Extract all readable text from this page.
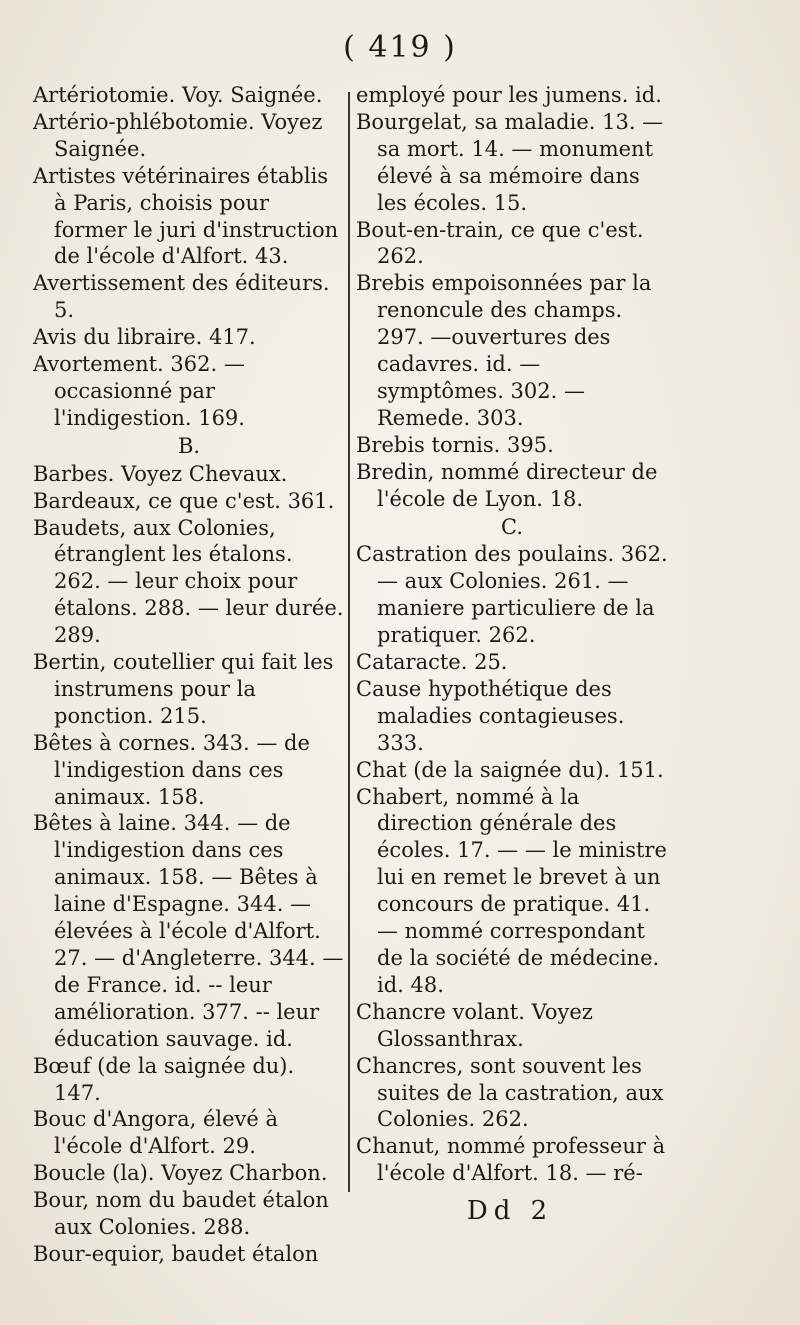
( 419 )
Artériotomie. Voy. Saignée.
Artério-phlébotomie. Voyez Saignée.
Artistes vétérinaires établis à Paris, choisis pour former le juri d'instruction de l'école d'Alfort. 43.
Avertissement des éditeurs. 5.
Avis du libraire. 417.
Avortement. 362. —occasionné par l'indigestion. 169.
B.
Barbes. Voyez Chevaux.
Bardeaux, ce que c'est. 361.
Baudets, aux Colonies, étranglent les étalons. 262. — leur choix pour étalons. 288. — leur durée. 289.
Bertin, coutellier qui fait les instrumens pour la ponction. 215.
Bêtes à cornes. 343. — de l'indigestion dans ces animaux. 158.
Bêtes à laine. 344. — de l'indigestion dans ces animaux. 158. — Bêtes à laine d'Espagne. 344. —élevées à l'école d'Alfort. 27. — d'Angleterre. 344. — de France. id. -- leur amélioration. 377. -- leur éducation sauvage. id.
Bœuf (de la saignée du). 147.
Bouc d'Angora, élevé à l'école d'Alfort. 29.
Boucle (la). Voyez Charbon.
Bour, nom du baudet étalon aux Colonies. 288.
Bour-equior, baudet étalon
employé pour les jumens. id.
Bourgelat, sa maladie. 13. — sa mort. 14. — monument élevé à sa mémoire dans les écoles. 15.
Bout-en-train, ce que c'est. 262.
Brebis empoisonnées par la renoncule des champs. 297. —ouvertures des cadavres. id. — symptômes. 302. — Remede. 303.
Brebis tornis. 395.
Bredin, nommé directeur de l'école de Lyon. 18.
C.
Castration des poulains. 362. — aux Colonies. 261. — maniere particuliere de la pratiquer. 262.
Cataracte. 25.
Cause hypothétique des maladies contagieuses. 333.
Chat (de la saignée du). 151.
Chabert, nommé à la direction générale des écoles. 17. — — le ministre lui en remet le brevet à un concours de pratique. 41. — nommé correspondant de la société de médecine. id. 48.
Chancre volant. Voyez Glossanthrax.
Chancres, sont souvent les suites de la castration, aux Colonies. 262.
Chanut, nommé professeur à l'école d'Alfort. 18. — ré-
Dd 2
